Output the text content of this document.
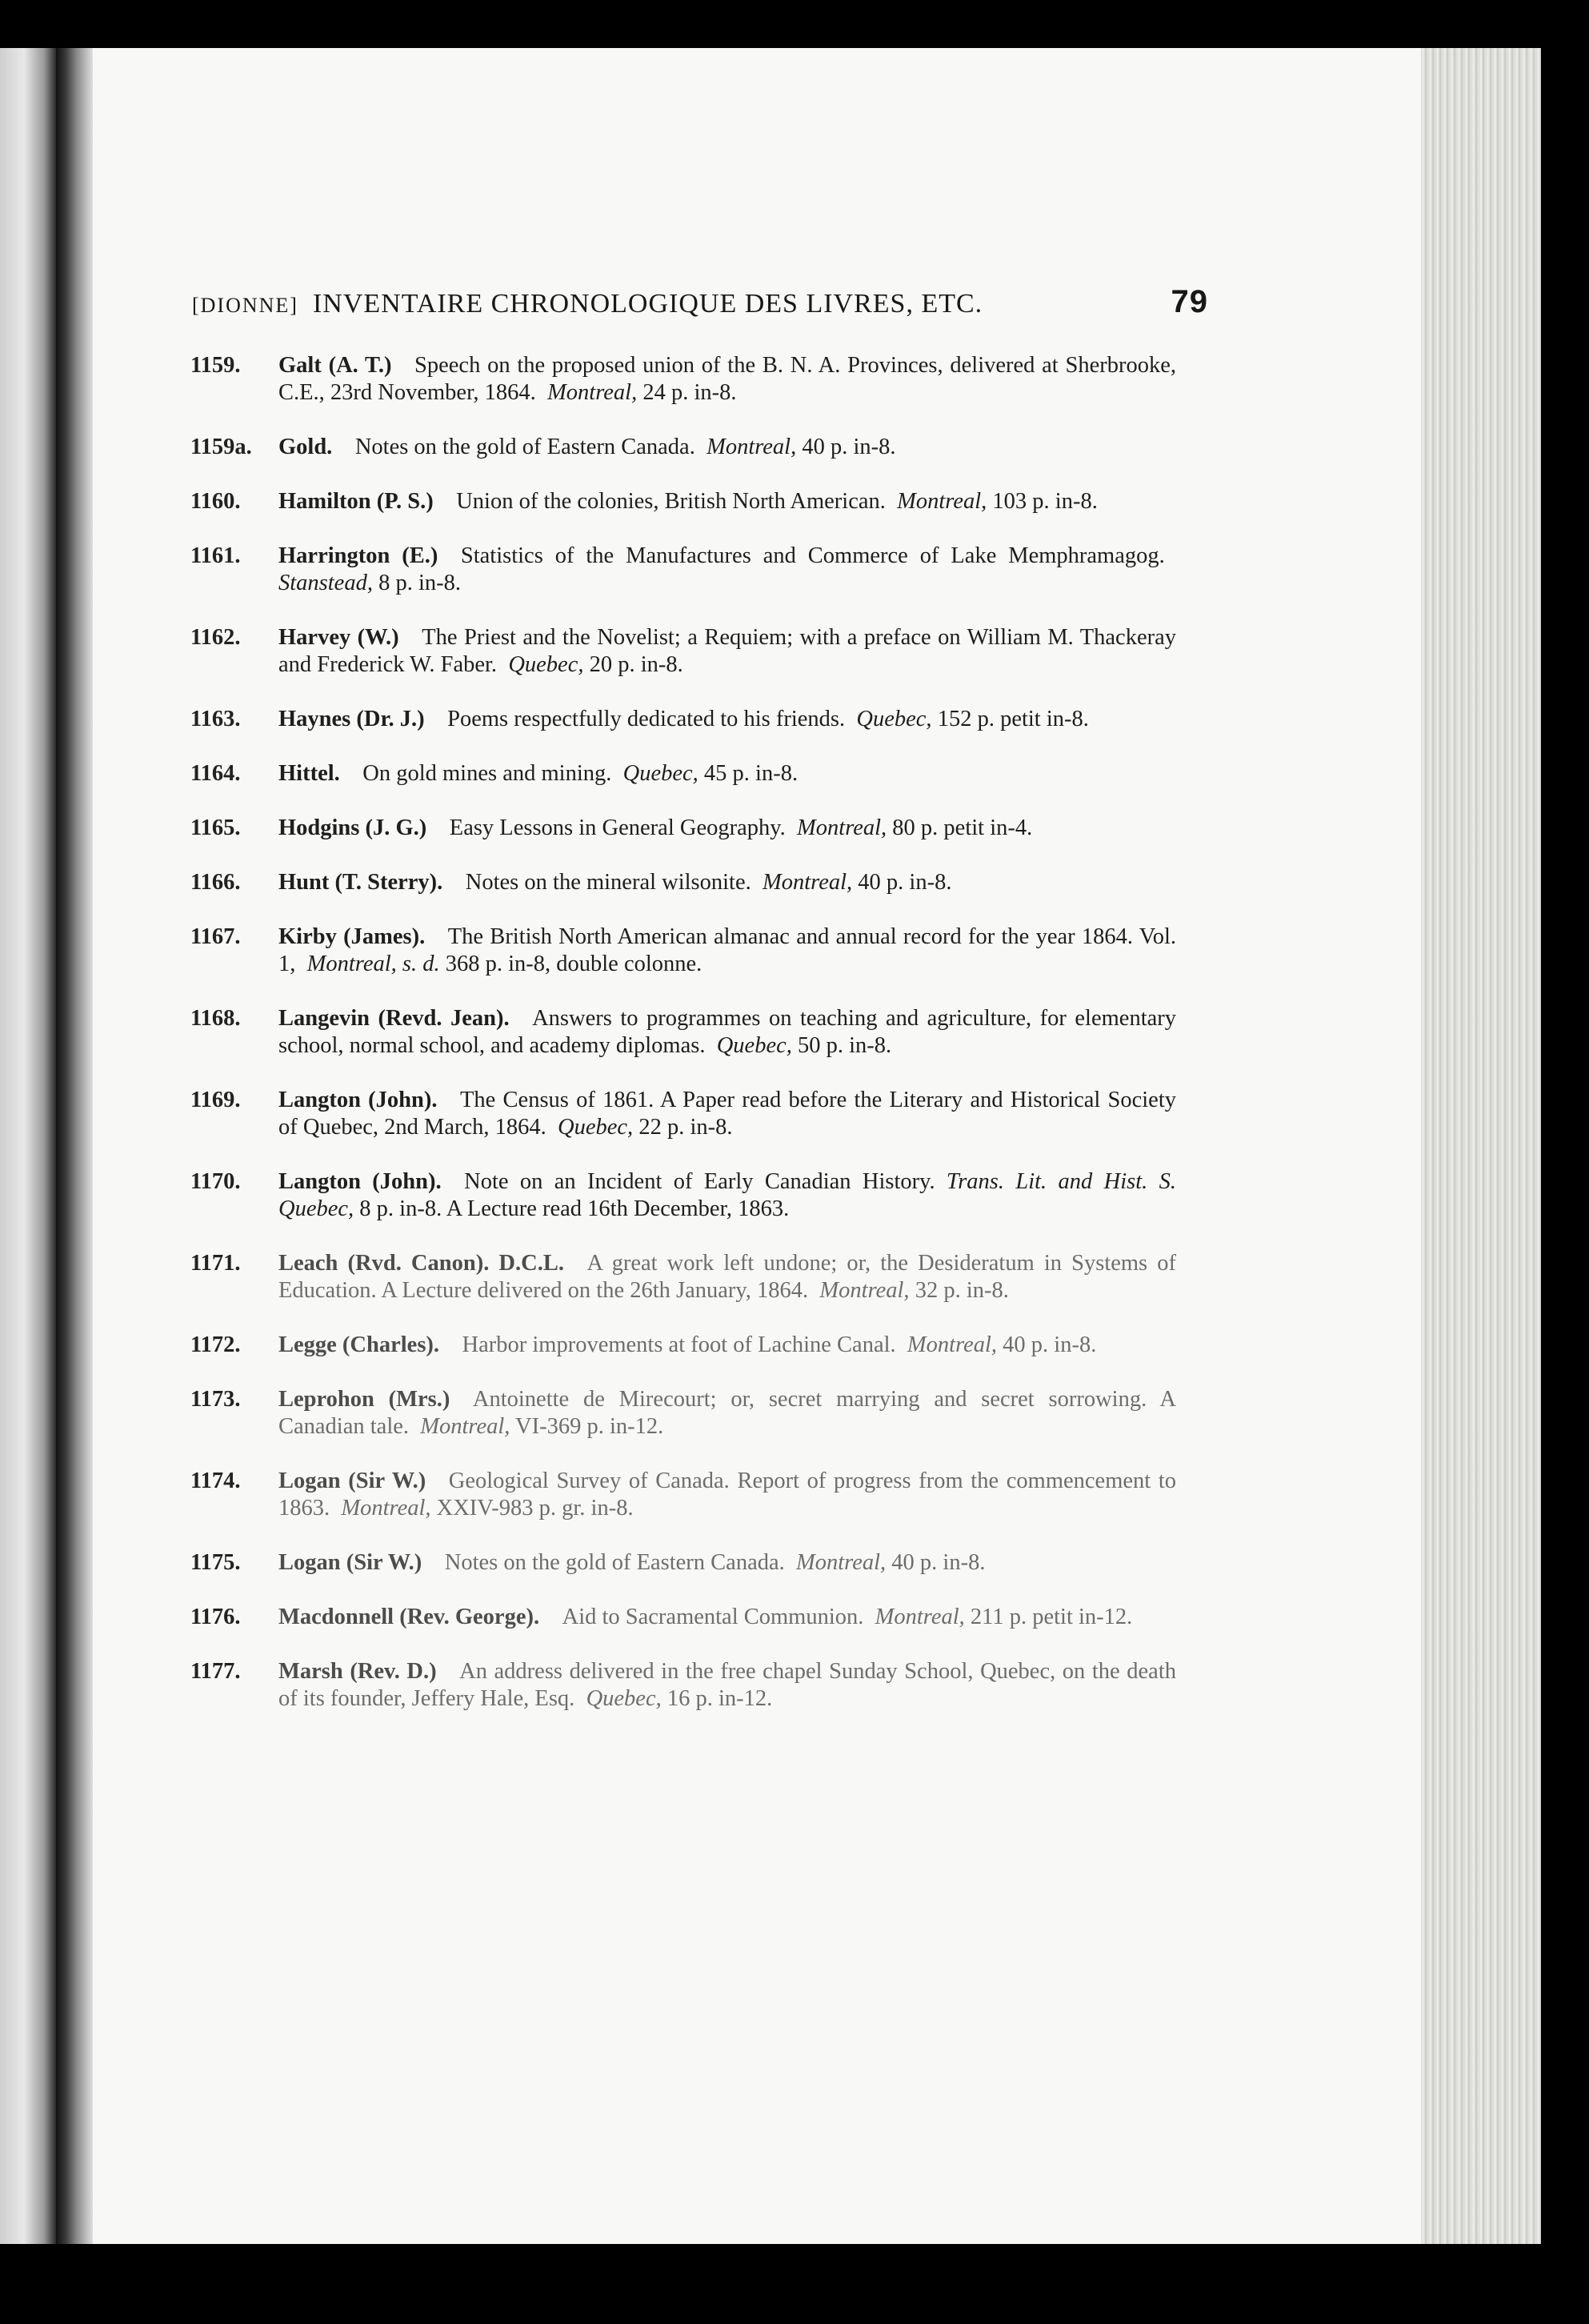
[DIONNE] INVENTAIRE CHRONOLOGIQUE DES LIVRES, ETC.	79
1159. Galt (A. T.)  Speech on the proposed union of the B. N. A. Provinces, delivered at Sherbrooke, C.E., 23rd November, 1864.  Montreal, 24 p. in-8.
1159a. Gold.  Notes on the gold of Eastern Canada.  Montreal, 40 p. in-8.
1160. Hamilton (P. S.)  Union of the colonies, British North American.  Montreal, 103 p. in-8.
1161. Harrington (E.)  Statistics of the Manufactures and Commerce of Lake Memphramagog. Stanstead, 8 p. in-8.
1162. Harvey (W.)  The Priest and the Novelist; a Requiem; with a preface on William M. Thackeray and Frederick W. Faber.  Quebec, 20 p. in-8.
1163. Haynes (Dr. J.)  Poems respectfully dedicated to his friends.  Quebec, 152 p. petit in-8.
1164. Hittel.  On gold mines and mining.  Quebec, 45 p. in-8.
1165. Hodgins (J. G.)  Easy Lessons in General Geography.  Montreal, 80 p. petit in-4.
1166. Hunt (T. Sterry).  Notes on the mineral wilsonite.  Montreal, 40 p. in-8.
1167. Kirby (James).  The British North American almanac and annual record for the year 1864. Vol. 1,  Montreal, s. d. 368 p. in-8, double colonne.
1168. Langevin (Revd. Jean).  Answers to programmes on teaching and agriculture, for elementary school, normal school, and academy diplomas.  Quebec, 50 p. in-8.
1169. Langton (John).  The Census of 1861. A Paper read before the Literary and Historical Society of Quebec, 2nd March, 1864.  Quebec, 22 p. in-8.
1170. Langton (John).  Note on an Incident of Early Canadian History.  Trans. Lit. and Hist. S. Quebec, 8 p. in-8. A Lecture read 16th December, 1863.
1171. Leach (Rvd. Canon). D.C.L.  A great work left undone; or, the Desideratum in Systems of Education. A Lecture delivered on the 26th January, 1864.  Montreal, 32 p. in-8.
1172. Legge (Charles).  Harbor improvements at foot of Lachine Canal.  Montreal, 40 p. in-8.
1173. Leprohon (Mrs.)  Antoinette de Mirecourt; or, secret marrying and secret sorrowing. A Canadian tale.  Montreal, VI-369 p. in-12.
1174. Logan (Sir W.)  Geological Survey of Canada. Report of progress from the commencement to 1863.  Montreal, XXIV-983 p. gr. in-8.
1175. Logan (Sir W.)  Notes on the gold of Eastern Canada.  Montreal, 40 p. in-8.
1176. Macdonnell (Rev. George).  Aid to Sacramental Communion.  Montreal, 211 p. petit in-12.
1177. Marsh (Rev. D.)  An address delivered in the free chapel Sunday School, Quebec, on the death of its founder, Jeffery Hale, Esq.  Quebec, 16 p. in-12.
